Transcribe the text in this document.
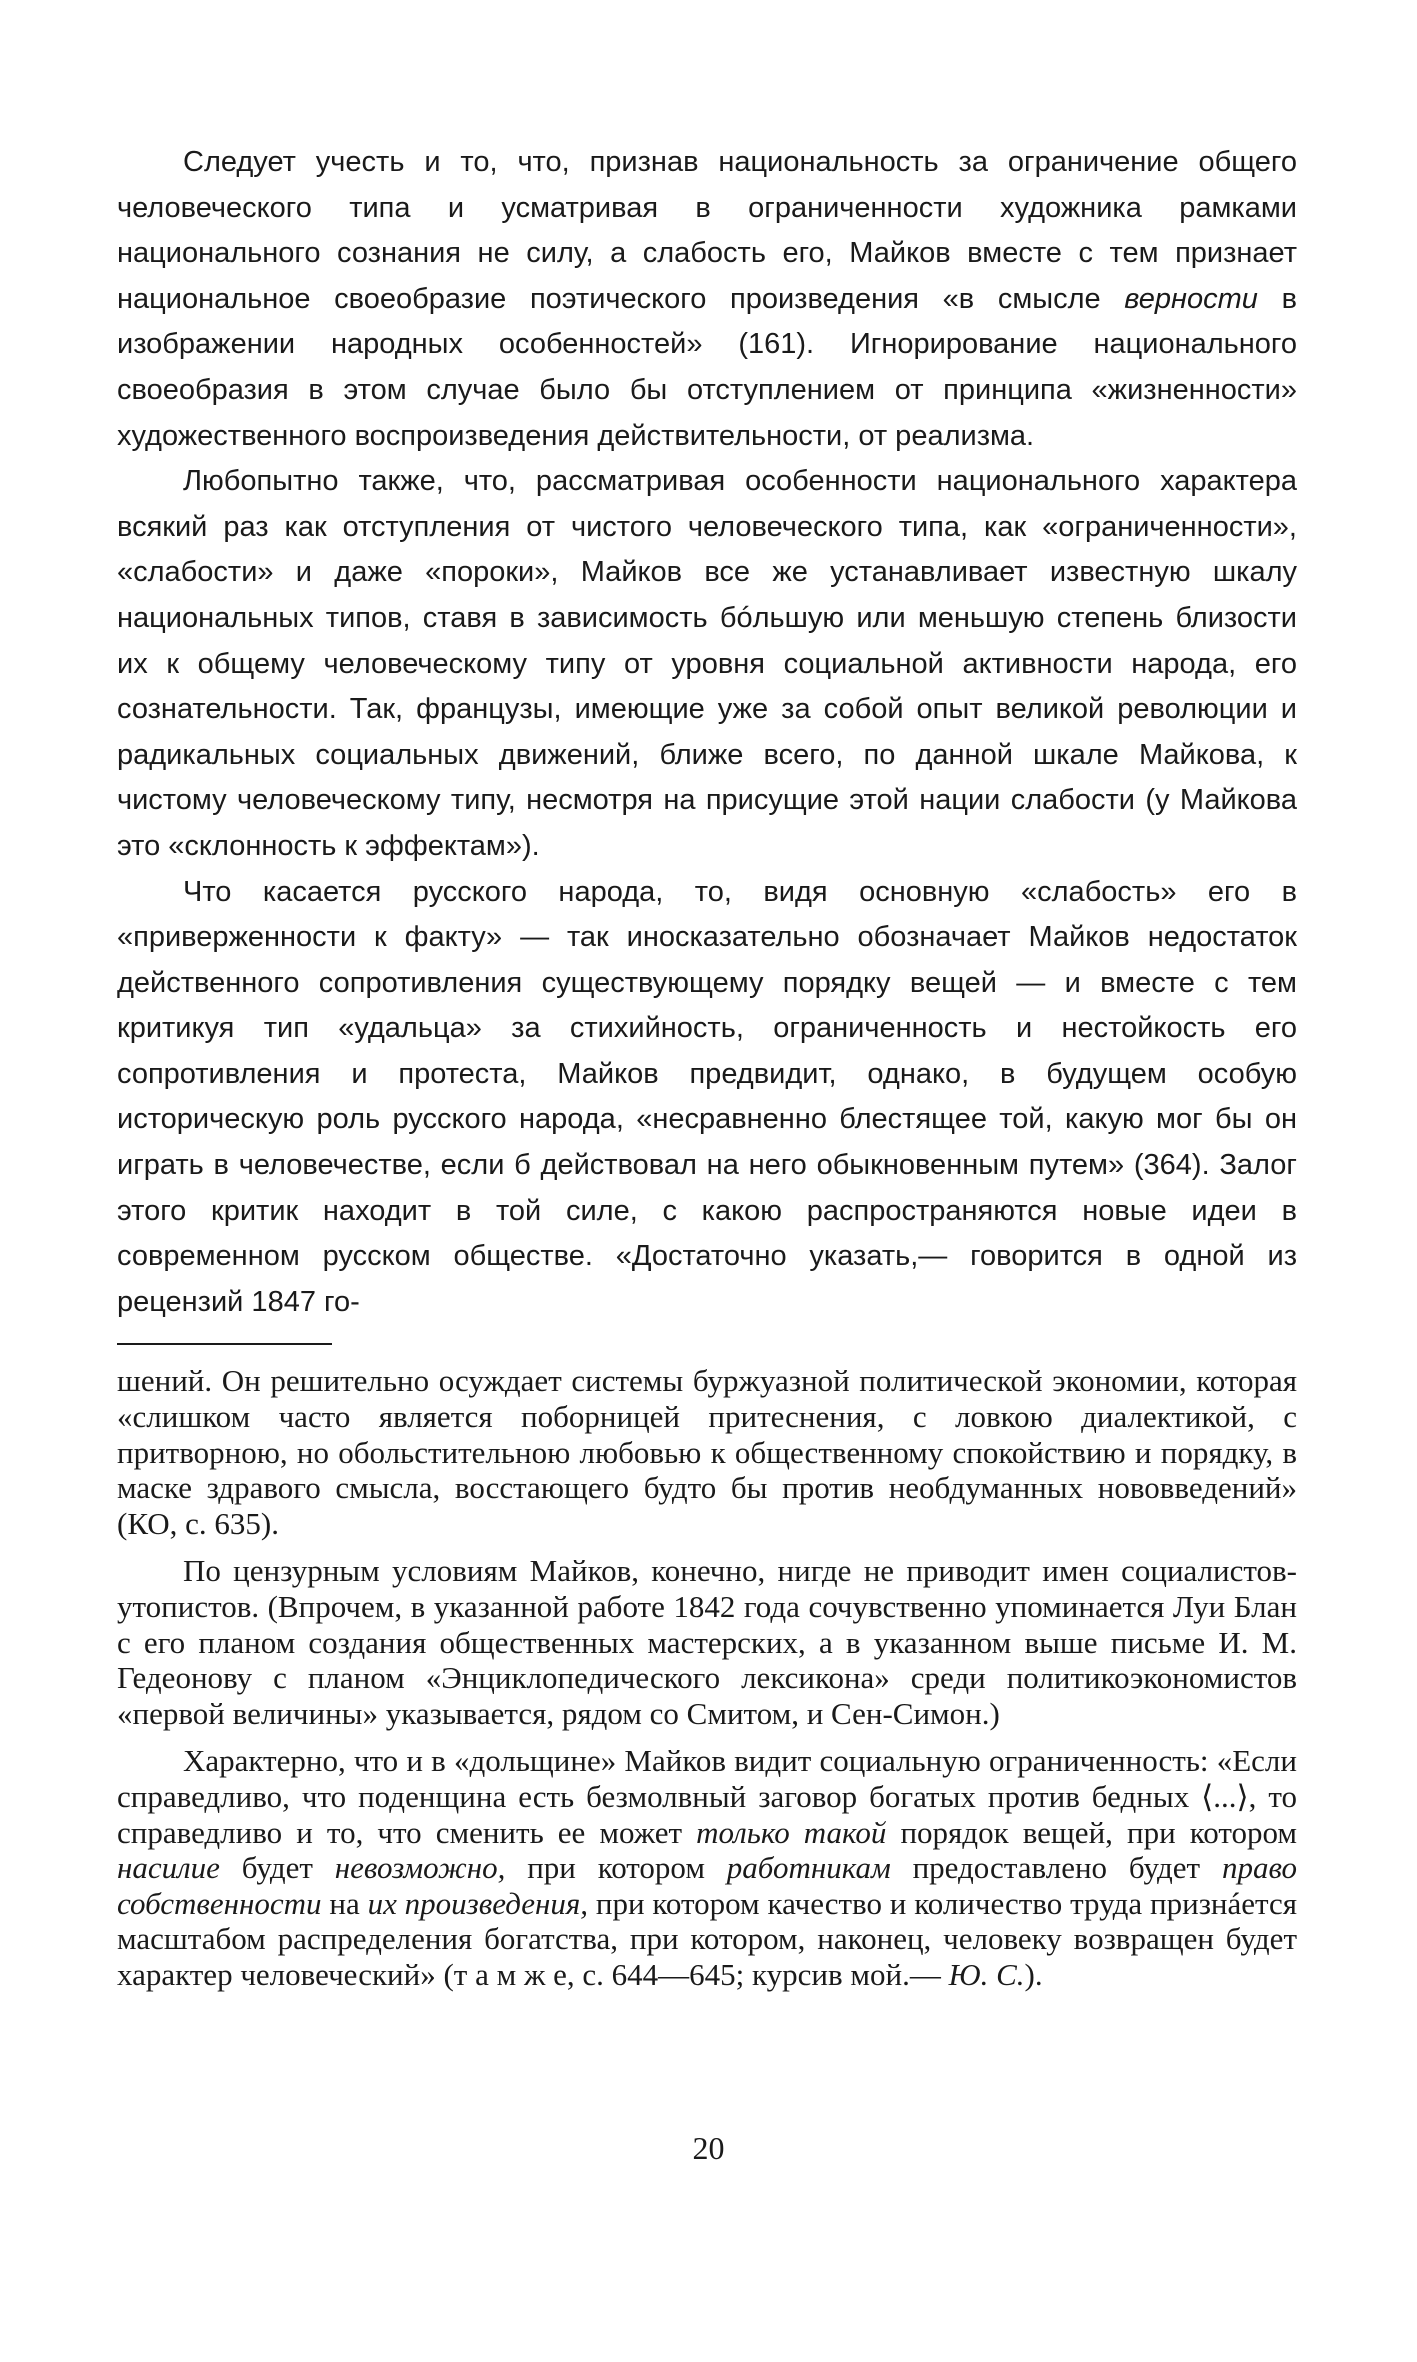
Следует учесть и то, что, признав национальность за ограничение общего человеческого типа и усматривая в ограниченности художника рамками национального сознания не силу, а слабость его, Майков вместе с тем признает национальное своеобразие поэтического произведения «в смысле верности в изображении народных особенностей» (161). Игнорирование национального своеобразия в этом случае было бы отступлением от принципа «жизненности» художественного воспроизведения действительности, от реализма.

Любопытно также, что, рассматривая особенности национального характера всякий раз как отступления от чистого человеческого типа, как «ограниченности», «слабости» и даже «пороки», Майков все же устанавливает известную шкалу национальных типов, ставя в зависимость бóльшую или меньшую степень близости их к общему человеческому типу от уровня социальной активности народа, его сознательности. Так, французы, имеющие уже за собой опыт великой революции и радикальных социальных движений, ближе всего, по данной шкале Майкова, к чистому человеческому типу, несмотря на присущие этой нации слабости (у Майкова это «склонность к эффектам»).

Что касается русского народа, то, видя основную «слабость» его в «приверженности к факту» — так иносказательно обозначает Майков недостаток действенного сопротивления существующему порядку вещей — и вместе с тем критикуя тип «удальца» за стихийность, ограниченность и нестойкость его сопротивления и протеста, Майков предвидит, однако, в будущем особую историческую роль русского народа, «несравненно блестящее той, какую мог бы он играть в человечестве, если б действовал на него обыкновенным путем» (364). Залог этого критик находит в той силе, с какою распространяются новые идеи в современном русском обществе. «Достаточно указать,— говорится в одной из рецензий 1847 го-

шений. Он решительно осуждает системы буржуазной политической экономии, которая «слишком часто является поборницей притеснения, с ловкою диалектикой, с притворною, но обольстительною любовью к общественному спокойствию и порядку, в маске здравого смысла, восстающего будто бы против необдуманных нововведений» (КО, с. 635).

По цензурным условиям Майков, конечно, нигде не приводит имен социалистов-утопистов. (Впрочем, в указанной работе 1842 года сочувственно упоминается Луи Блан с его планом создания общественных мастерских, а в указанном выше письме И. М. Гедеонову с планом «Энциклопедического лексикона» среди политикоэкономистов «первой величины» указывается, рядом со Смитом, и Сен-Симон.)

Характерно, что и в «дольщине» Майков видит социальную ограниченность: «Если справедливо, что поденщина есть безмолвный заговор богатых против бедных ⟨...⟩, то справедливо и то, что сменить ее может только такой порядок вещей, при котором насилие будет невозможно, при котором работникам предоставлено будет право собственности на их произведения, при котором качество и количество труда признáется масштабом распределения богатства, при котором, наконец, человеку возвращен будет характер человеческий» (т а м ж е, с. 644—645; курсив мой.— Ю. С.).

20
